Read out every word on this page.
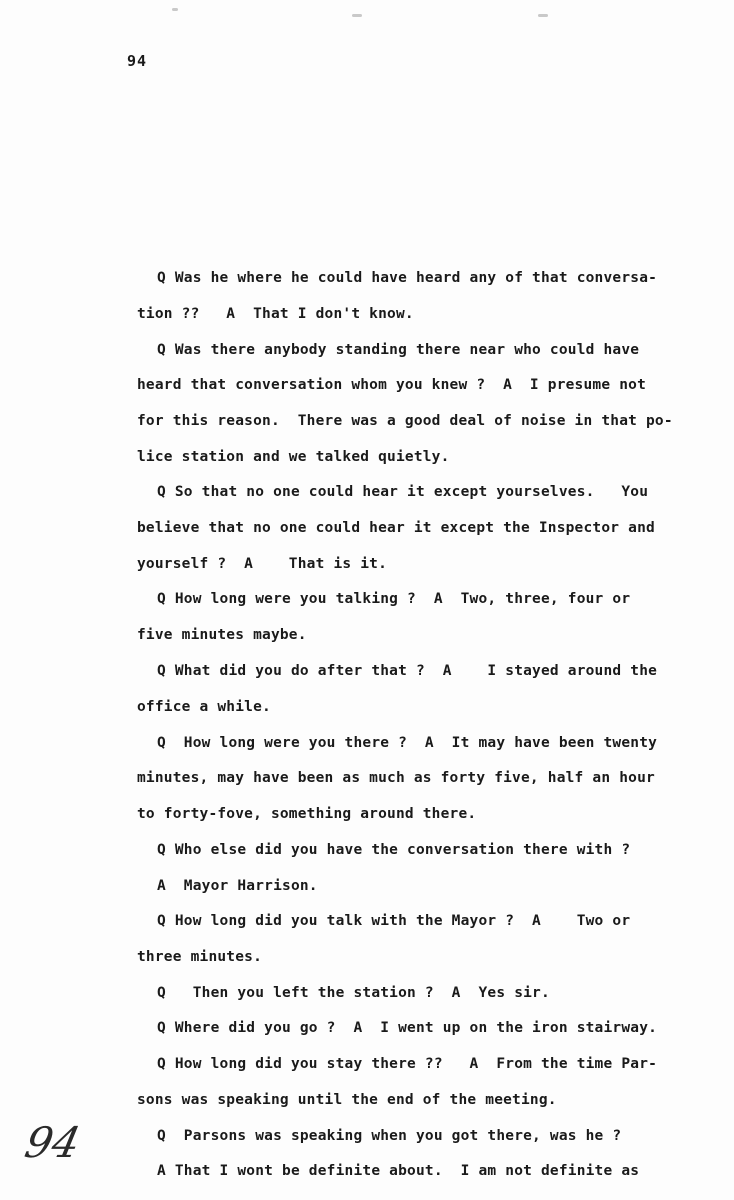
94
Q Was he where he could have heard any of that conversa-
tion ??   A  That I don't know.
Q Was there anybody standing there near who could have
heard that conversation whom you knew ?  A  I presume not
for this reason.  There was a good deal of noise in that po-
lice station and we talked quietly.
Q So that no one could hear it except yourselves.   You
believe that no one could hear it except the Inspector and
yourself ?  A    That is it.
Q How long were you talking ?  A  Two, three, four or
five minutes maybe.
Q What did you do after that ?  A    I stayed around the
office a while.
Q  How long were you there ?  A  It may have been twenty
minutes, may have been as much as forty five, half an hour
to forty-fove, something around there.
Q Who else did you have the conversation there with ?
A  Mayor Harrison.
Q How long did you talk with the Mayor ?  A    Two or
three minutes.
Q   Then you left the station ?  A  Yes sir.
Q Where did you go ?  A  I went up on the iron stairway.
Q How long did you stay there ??   A  From the time Par-
sons was speaking until the end of the meeting.
Q  Parsons was speaking when you got there, was he ?
A That I wont be definite about.  I am not definite as
94
